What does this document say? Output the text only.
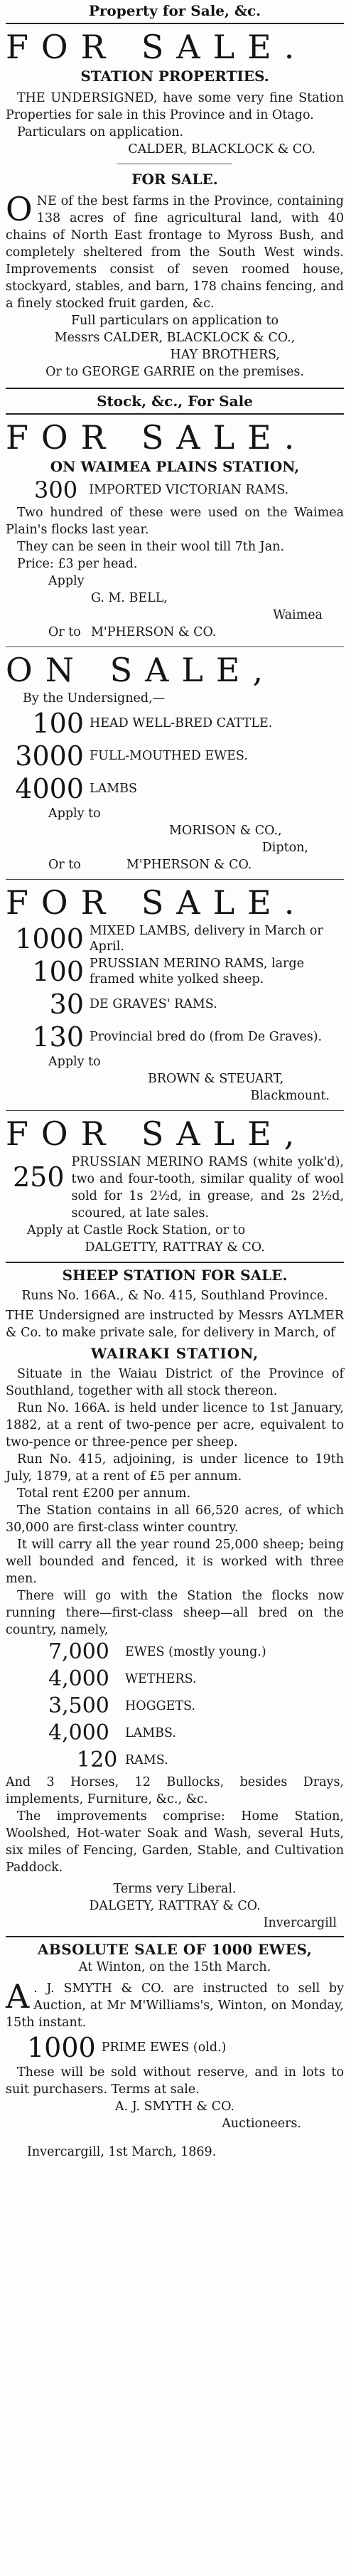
Property for Sale, &c.
FOR SALE.
STATION PROPERTIES.

THE UNDERSIGNED, have some very fine Station Properties for sale in this Province and in Otago.

Particulars on application.

CALDER, BLACKLOCK & CO.
FOR SALE.
O NE of the best farms in the Province, containing 138 acres of fine agricultural land, with 40 chains of North East frontage to Myross Bush, and completely sheltered from the South West winds. Improvements consist of seven roomed house, stockyard, stables, and barn, 178 chains fencing, and a finely stocked fruit garden, &c.

Full particulars on application to
Messrs CALDER, BLACKLOCK & CO.,
HAY BROTHERS,
Or to GEORGE GARRIE on the premises.
Stock, &c., For Sale
FOR SALE.
ON WAIMEA PLAINS STATION,
300 IMPORTED VICTORIAN RAMS.

Two hundred of these were used on the Waimea Plain's flocks last year.

They can be seen in their wool till 7th Jan.

Price: £3 per head.

Apply
G. M. BELL,
Waimea
Or to M'PHERSON & CO.
ON SALE,
By the Undersigned,—
100 HEAD WELL-BRED CATTLE.
3000 FULL-MOUTHED EWES.
4000 LAMBS
Apply to
MORISON & CO.,
Dipton,
Or to	M'PHERSON & CO.
FOR SALE.
1000 MIXED LAMBS, delivery in March or April.
100 PRUSSIAN MERINO RAMS, large framed white yolked sheep.
30 DE GRAVES' RAMS.
130 Provincial bred do (from De Graves).
Apply to
BROWN & STEUART,
Blackmount.
FOR SALE,
250 PRUSSIAN MERINO RAMS (white yolk'd), two and four-tooth, similar quality of wool sold for 1s 2½d, in grease, and 2s 2½d, scoured, at late sales.

Apply at Castle Rock Station, or to
DALGETTY, RATTRAY & CO.
SHEEP STATION FOR SALE.
Runs No. 166A., & No. 415, Southland Province.

THE Undersigned are instructed by Messrs AYLMER & Co. to make private sale, for delivery in March, of

WAIRAKI STATION,

Situate in the Waiau District of the Province of Southland, together with all stock thereon.

Run No. 166A. is held under licence to 1st January, 1882, at a rent of two-pence per acre, equivalent to two-pence or three-pence per sheep.

Run No. 415, adjoining, is under licence to 19th July, 1879, at a rent of £5 per annum.

Total rent £200 per annum.

The Station contains in all 66,520 acres, of which 30,000 are first-class winter country.

It will carry all the year round 25,000 sheep; being well bounded and fenced, it is worked with three men.

There will go with the Station the flocks now running there—first-class sheep—all bred on the country, namely,

7,000	EWES (mostly young.)
4,000	WETHERS.
3,500	HOGGETS.
4,000	LAMBS.
120 RAMS.

And 3 Horses, 12 Bullocks, besides Drays, implements, Furniture, &c., &c.

The improvements comprise: Home Station, Woolshed, Hot-water Soak and Wash, several Huts, six miles of Fencing, Garden, Stable, and Cultivation Paddock.

Terms very Liberal.
DALGETY, RATTRAY & CO.
Invercargill
ABSOLUTE SALE OF 1000 EWES,
At Winton, on the 15th March.
A . J. SMYTH & CO. are instructed to sell by Auction, at Mr M'Williams's, Winton, on Monday, 15th instant.

1000 PRIME EWES (old.)

These will be sold without reserve, and in lots to suit purchasers. Terms at sale.

A. J. SMYTH & CO.
Auctioneers.
Invercargill, 1st March, 1869.
